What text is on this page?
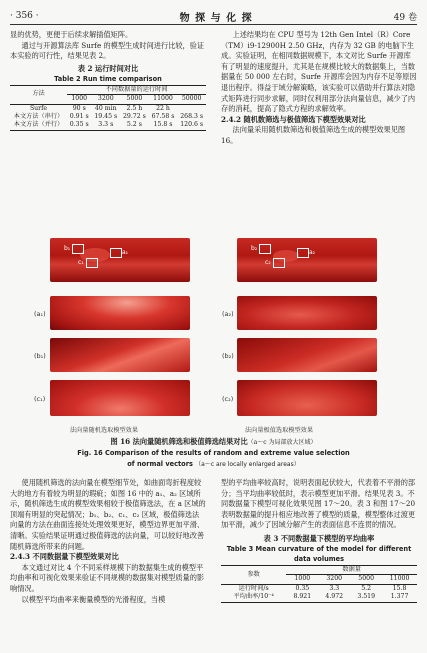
· 356 ·	物 探 与 化 探	49 卷

显的优势，更便于后续求解插值矩阵。

通过与开源算法库 Surfe 的模型生成时间进行比较，验证本实验的可行性，结果见表 2。

表 2 运行时间对比
Table 2 Run time comparison
方法	不同数据量的运行时间				
	1000	3200	5000	11000	50000
Surfe	90 s	40 min	2.5 h	22 h	
本文方法（串行）	0.91 s	19.45 s	29.72 s	67.58 s	268.3 s
本文方法（并行）	0.35 s	3.3 s	5.2 s	15.8 s	120.6 s

上述结果均在 CPU 型号为 12th Gen Intel（R）Core（TM）i9-12900H 2.50 GHz，内存为 32 GB 的电脑下生成。实验证明，在相同数据规模下，本文对比 Surfe 开源库有了明显的速度提升，尤其是在规模比较大的数据集上，当数据量在 50 000 左右时，Surfe 开源库会因为内存不足等原因退出程序。得益于域分解策略，该实验可以借助并行算法对隐式矩阵进行同步求解，同时仅利用部分法向量信息，减少了内存的消耗，提高了隐式方程的求解效率。

2.4.2 随机数筛选与极值筛选下模型效果对比

法向量采用随机数筛选和极值筛选生成的模型效果见图 16。

b₁
c₁
a₁
b₂
c₂
a₂
(a₁)
(b₁)
(c₁)
(a₂)
(b₂)
(c₂)
法向量随机选取模型效果	法向量极值选取模型效果
图 16 法向量随机筛选和极值筛选结果对比（a～c 为局部放大区域）
Fig. 16 Comparison of the results of random and extreme value selection
of normal vectors （a～c are locally enlarged areas）

使用随机筛选的法向量在模型细节处，如曲面弯折程度较大的地方有着较为明显的瑕疵；如图 16 中的 a₁、a₂ 区域所示，随机筛选生成的模型效果相较于极值筛选法，在 a 区域的顶端有明显的突起情况；b₁、b₂、c₁、c₂ 区域，极值筛选法向量的方法在曲面连接处处理效果更好，模型边界更加平滑、清晰。实验结果证明通过极值筛选的法向量，可以较好地改善随机筛选所带来的问题。

2.4.3 不同数据量下模型效果对比

本文通过对比 4 个不同采样规模下的数据集生成的模型平均曲率和可视化效果来验证不同规模的数据集对模型质量的影响情况。

以模型平均曲率来衡量模型的光滑程度，当模

型的平均曲率较高时，说明表面起伏较大，代表着不平滑的部分；当平均曲率较低时，表示模型更加平滑。结果见表 3。不同数据量下模型可视化效果见图 17～20。表 3 和图 17～20 表明数据量的提升相应地改善了模型的质量，模型整体过渡更加平滑，减少了因域分解产生的表面信息不连贯的情况。

表 3 不同数据量下模型的平均曲率
Table 3 Mean curvature of the model for different
data volumes
参数	数据量			
	1000	3200	5000	11000
运行时间/s	0.35	3.3	5.2	15.8
平均曲率/10⁻⁴	8.921	4.972	3.519	1.377
